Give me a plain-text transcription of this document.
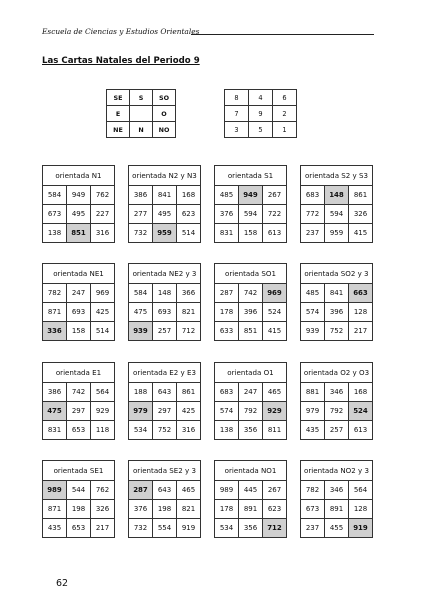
Escuela de Ciencias y Estudios Orientales
Las Cartas Natales del Periodo 9
SE	S	SO
E		O
NE	N	NO
8	4	6
7	9	2
3	5	1
orientada N1		
584	949	762
673	495	227
138	851	316
orientada N2 y N3		
386	841	168
277	495	623
732	959	514
orientada S1		
485	949	267
376	594	722
831	158	613
orientada S2 y S3		
683	148	861
772	594	326
237	959	415
orientada NE1		
782	247	969
871	693	425
336	158	514
orientada NE2 y 3		
584	148	366
475	693	821
939	257	712
orientada SO1		
287	742	969
178	396	524
633	851	415
orientada SO2 y 3		
485	841	663
574	396	128
939	752	217
orientada E1		
386	742	564
475	297	929
831	653	118
orientada E2 y E3		
188	643	861
979	297	425
534	752	316
orientada O1		
683	247	465
574	792	929
138	356	811
orientada O2 y O3		
881	346	168
979	792	524
435	257	613
orientada SE1		
989	544	762
871	198	326
435	653	217
orientada SE2 y 3		
287	643	465
376	198	821
732	554	919
orientada NO1		
989	445	267
178	891	623
534	356	712
orientada NO2 y 3		
782	346	564
673	891	128
237	455	919
62
